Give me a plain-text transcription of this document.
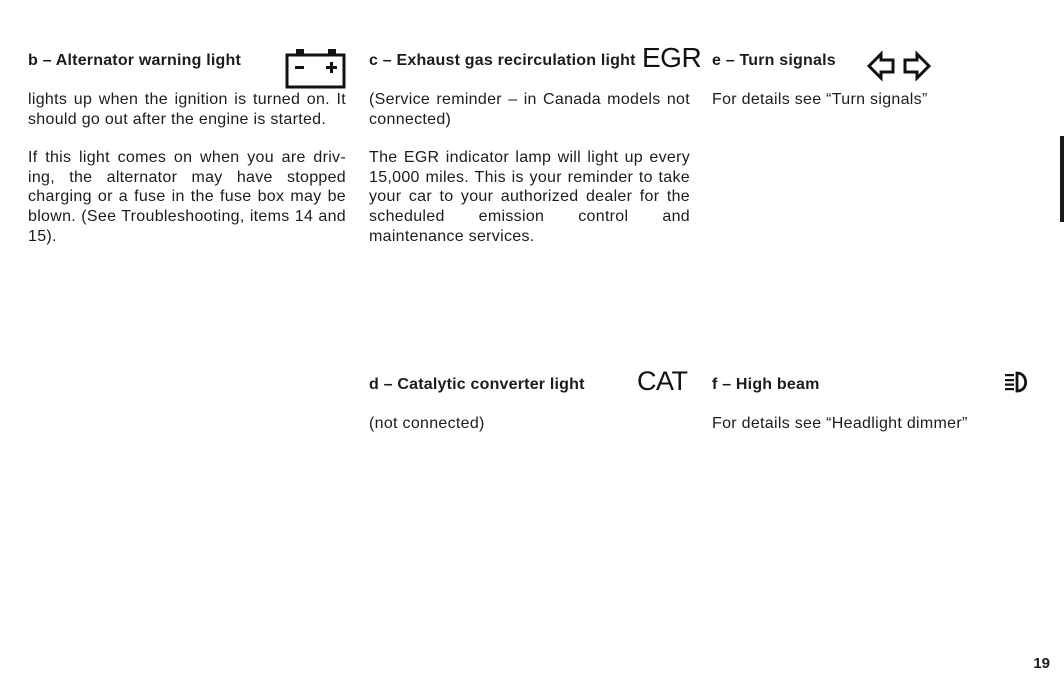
b – Alternator warning light

lights up when the ignition is turned on. It should go out after the engine is started.

If this light comes on when you are driv-ing, the alternator may have stopped charging or a fuse in the fuse box may be blown. (See Troubleshooting, items 14 and 15).

c – Exhaust gas recirculation light EGR

(Service reminder – in Canada models not connected)

The EGR indicator lamp will light up every 15,000 miles. This is your reminder to take your car to your authorized dealer for the scheduled emission control and maintenance services.

d – Catalytic converter light CAT

(not connected)

e – Turn signals

For details see “Turn signals”

f – High beam

For details see “Headlight dimmer”

19
